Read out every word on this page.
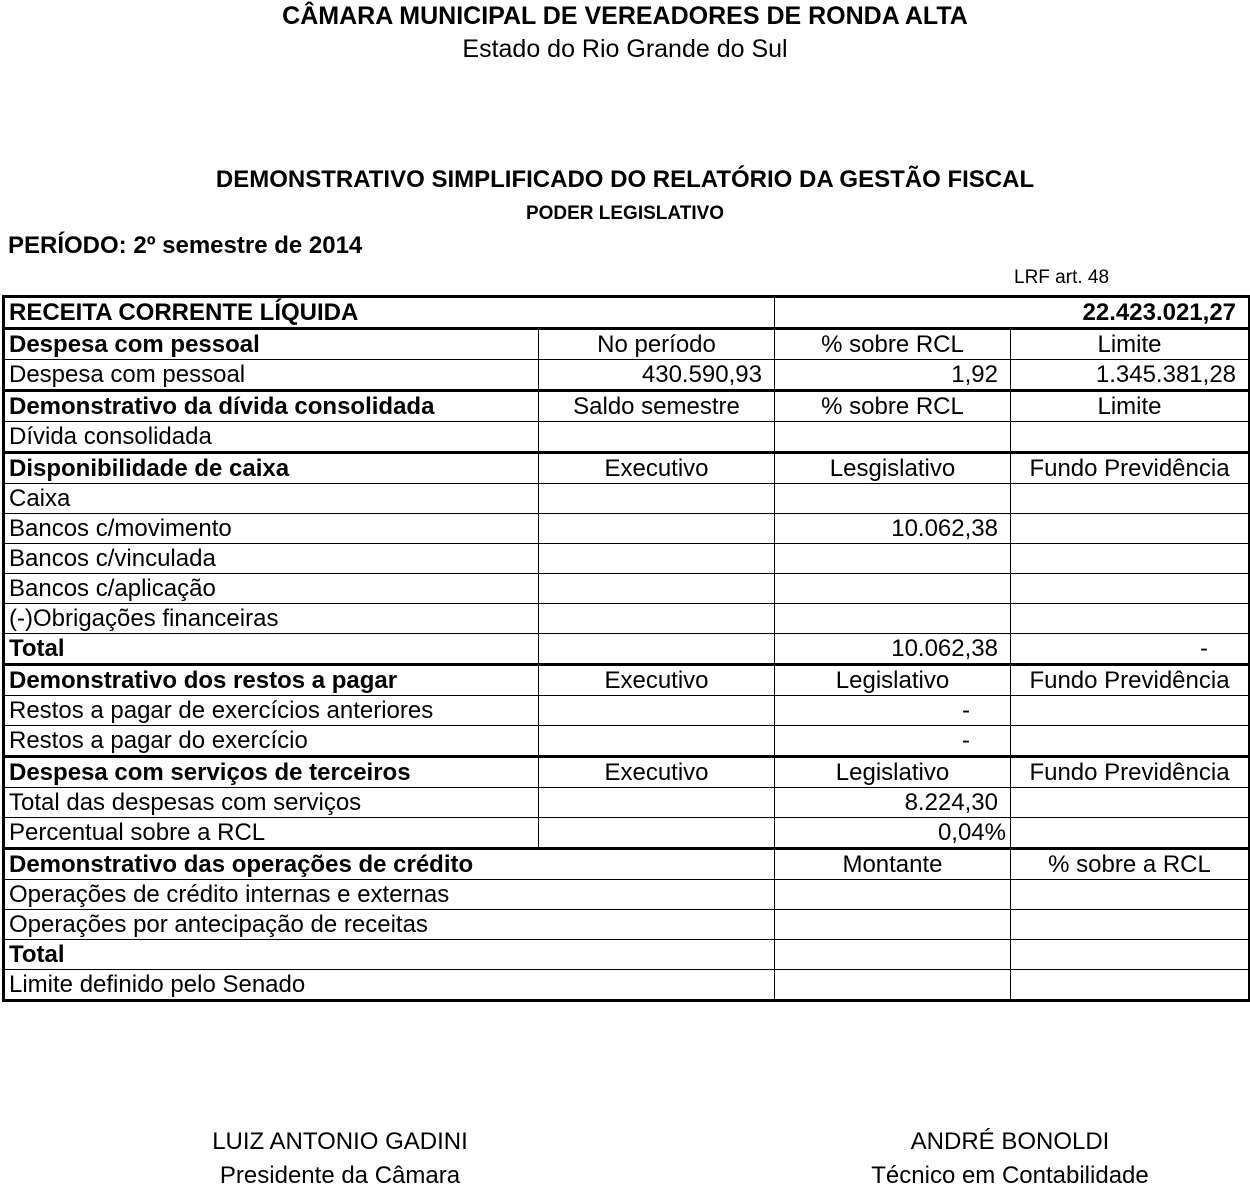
CÂMARA MUNICIPAL DE VEREADORES DE RONDA ALTA
Estado do Rio Grande do Sul
DEMONSTRATIVO SIMPLIFICADO DO RELATÓRIO DA GESTÃO FISCAL
PODER LEGISLATIVO
PERÍODO: 2º semestre de 2014
LRF art. 48
RECEITA CORRENTE LÍQUIDA		22.423.021,27	
Despesa com pessoal	No período	% sobre RCL	Limite
Despesa com pessoal	430.590,93	1,92	1.345.381,28
Demonstrativo da dívida consolidada	Saldo semestre	% sobre RCL	Limite
Dívida consolidada			
Disponibilidade de caixa	Executivo	Lesgislativo	Fundo Previdência
Caixa			
Bancos c/movimento		10.062,38	
Bancos c/vinculada			
Bancos c/aplicação			
(-)Obrigações financeiras			
Total		10.062,38	-
Demonstrativo dos restos a pagar	Executivo	Legislativo	Fundo Previdência
Restos a pagar de exercícios anteriores		-	
Restos a pagar do exercício		-	
Despesa com serviços de terceiros	Executivo	Legislativo	Fundo Previdência
Total das despesas com serviços		8.224,30	
Percentual sobre a RCL		0,04%	
Demonstrativo das operações de crédito		Montante	% sobre a RCL
Operações de crédito internas e externas			
Operações por antecipação de receitas			
Total			
Limite definido pelo Senado			
LUIZ ANTONIO GADINI
Presidente da Câmara
ANDRÉ BONOLDI
Técnico em Contabilidade
